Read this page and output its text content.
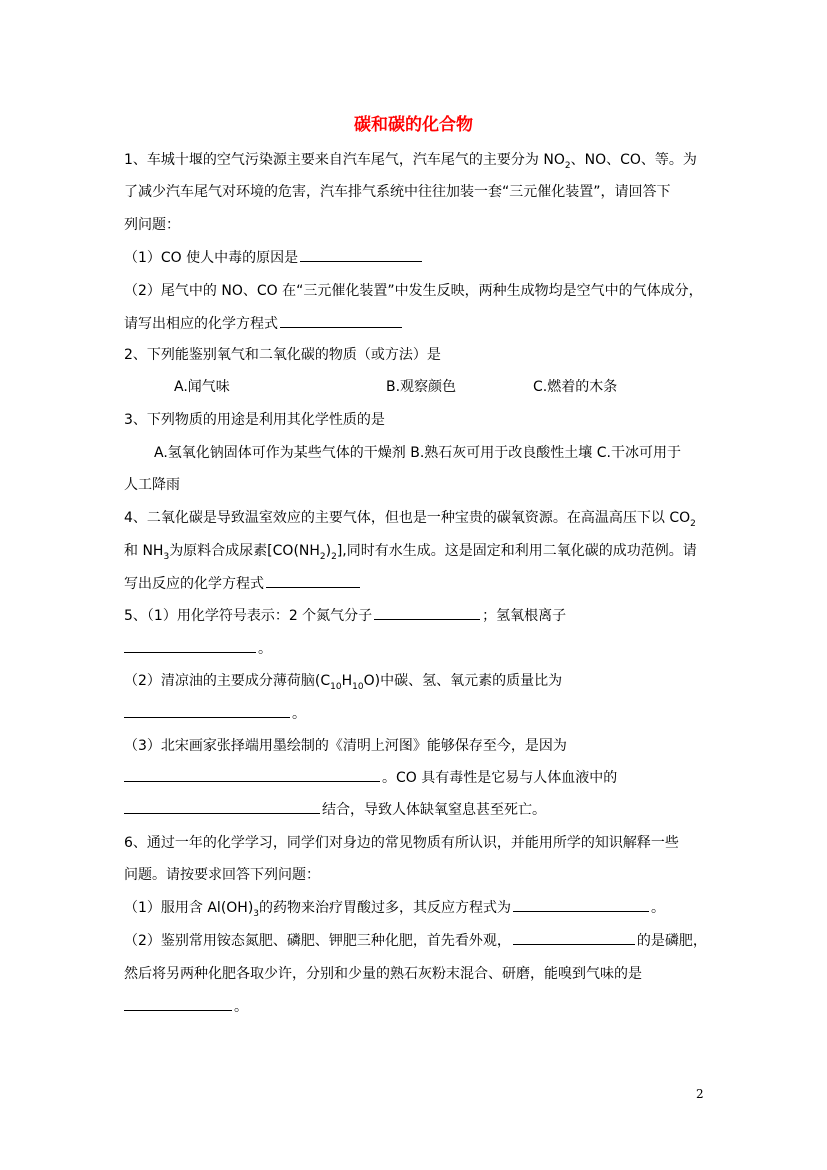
碳和碳的化合物
1、车城十堰的空气污染源主要来自汽车尾气，汽车尾气的主要分为 $NO_2$、NO、CO、等。为
了减少汽车尾气对环境的危害，汽车排气系统中往往加装一套“三元催化装置”，请回答下
列问题：
（1）CO 使人中毒的原因是
（2）尾气中的 NO、CO 在“三元催化装置”中发生反映，两种生成物均是空气中的气体成分，
请写出相应的化学方程式
2、下列能鉴别氧气和二氧化碳的物质（或方法）是
A.闻气味	B.观察颜色	C.燃着的木条
3、下列物质的用途是利用其化学性质的是
A.氢氧化钠固体可作为某些气体的干燥剂 B.熟石灰可用于改良酸性土壤 C.干冰可用于
人工降雨
4、二氧化碳是导致温室效应的主要气体，但也是一种宝贵的碳氧资源。在高温高压下以 $CO_2$
和 $NH_3$为原料合成尿素$[CO(NH_2)_2]$,同时有水生成。这是固定和利用二氧化碳的成功范例。请
写出反应的化学方程式
5、（1）用化学符号表示：2 个氮气分子	；氢氧根离子
。
（2）清凉油的主要成分薄荷脑$(C_{10}H_{10}O)$中碳、氢、氧元素的质量比为
。
（3）北宋画家张择端用墨绘制的《清明上河图》能够保存至今，是因为
。CO 具有毒性是它易与人体血液中的
结合，导致人体缺氧窒息甚至死亡。
6、通过一年的化学学习，同学们对身边的常见物质有所认识，并能用所学的知识解释一些
问题。请按要求回答下列问题：
（1）服用含 $Al(OH)_3$的药物来治疗胃酸过多，其反应方程式为	。
（2）鉴别常用铵态氮肥、磷肥、钾肥三种化肥，首先看外观，	的是磷肥，
然后将另两种化肥各取少许，分别和少量的熟石灰粉末混合、研磨，能嗅到气味的是
。
2
